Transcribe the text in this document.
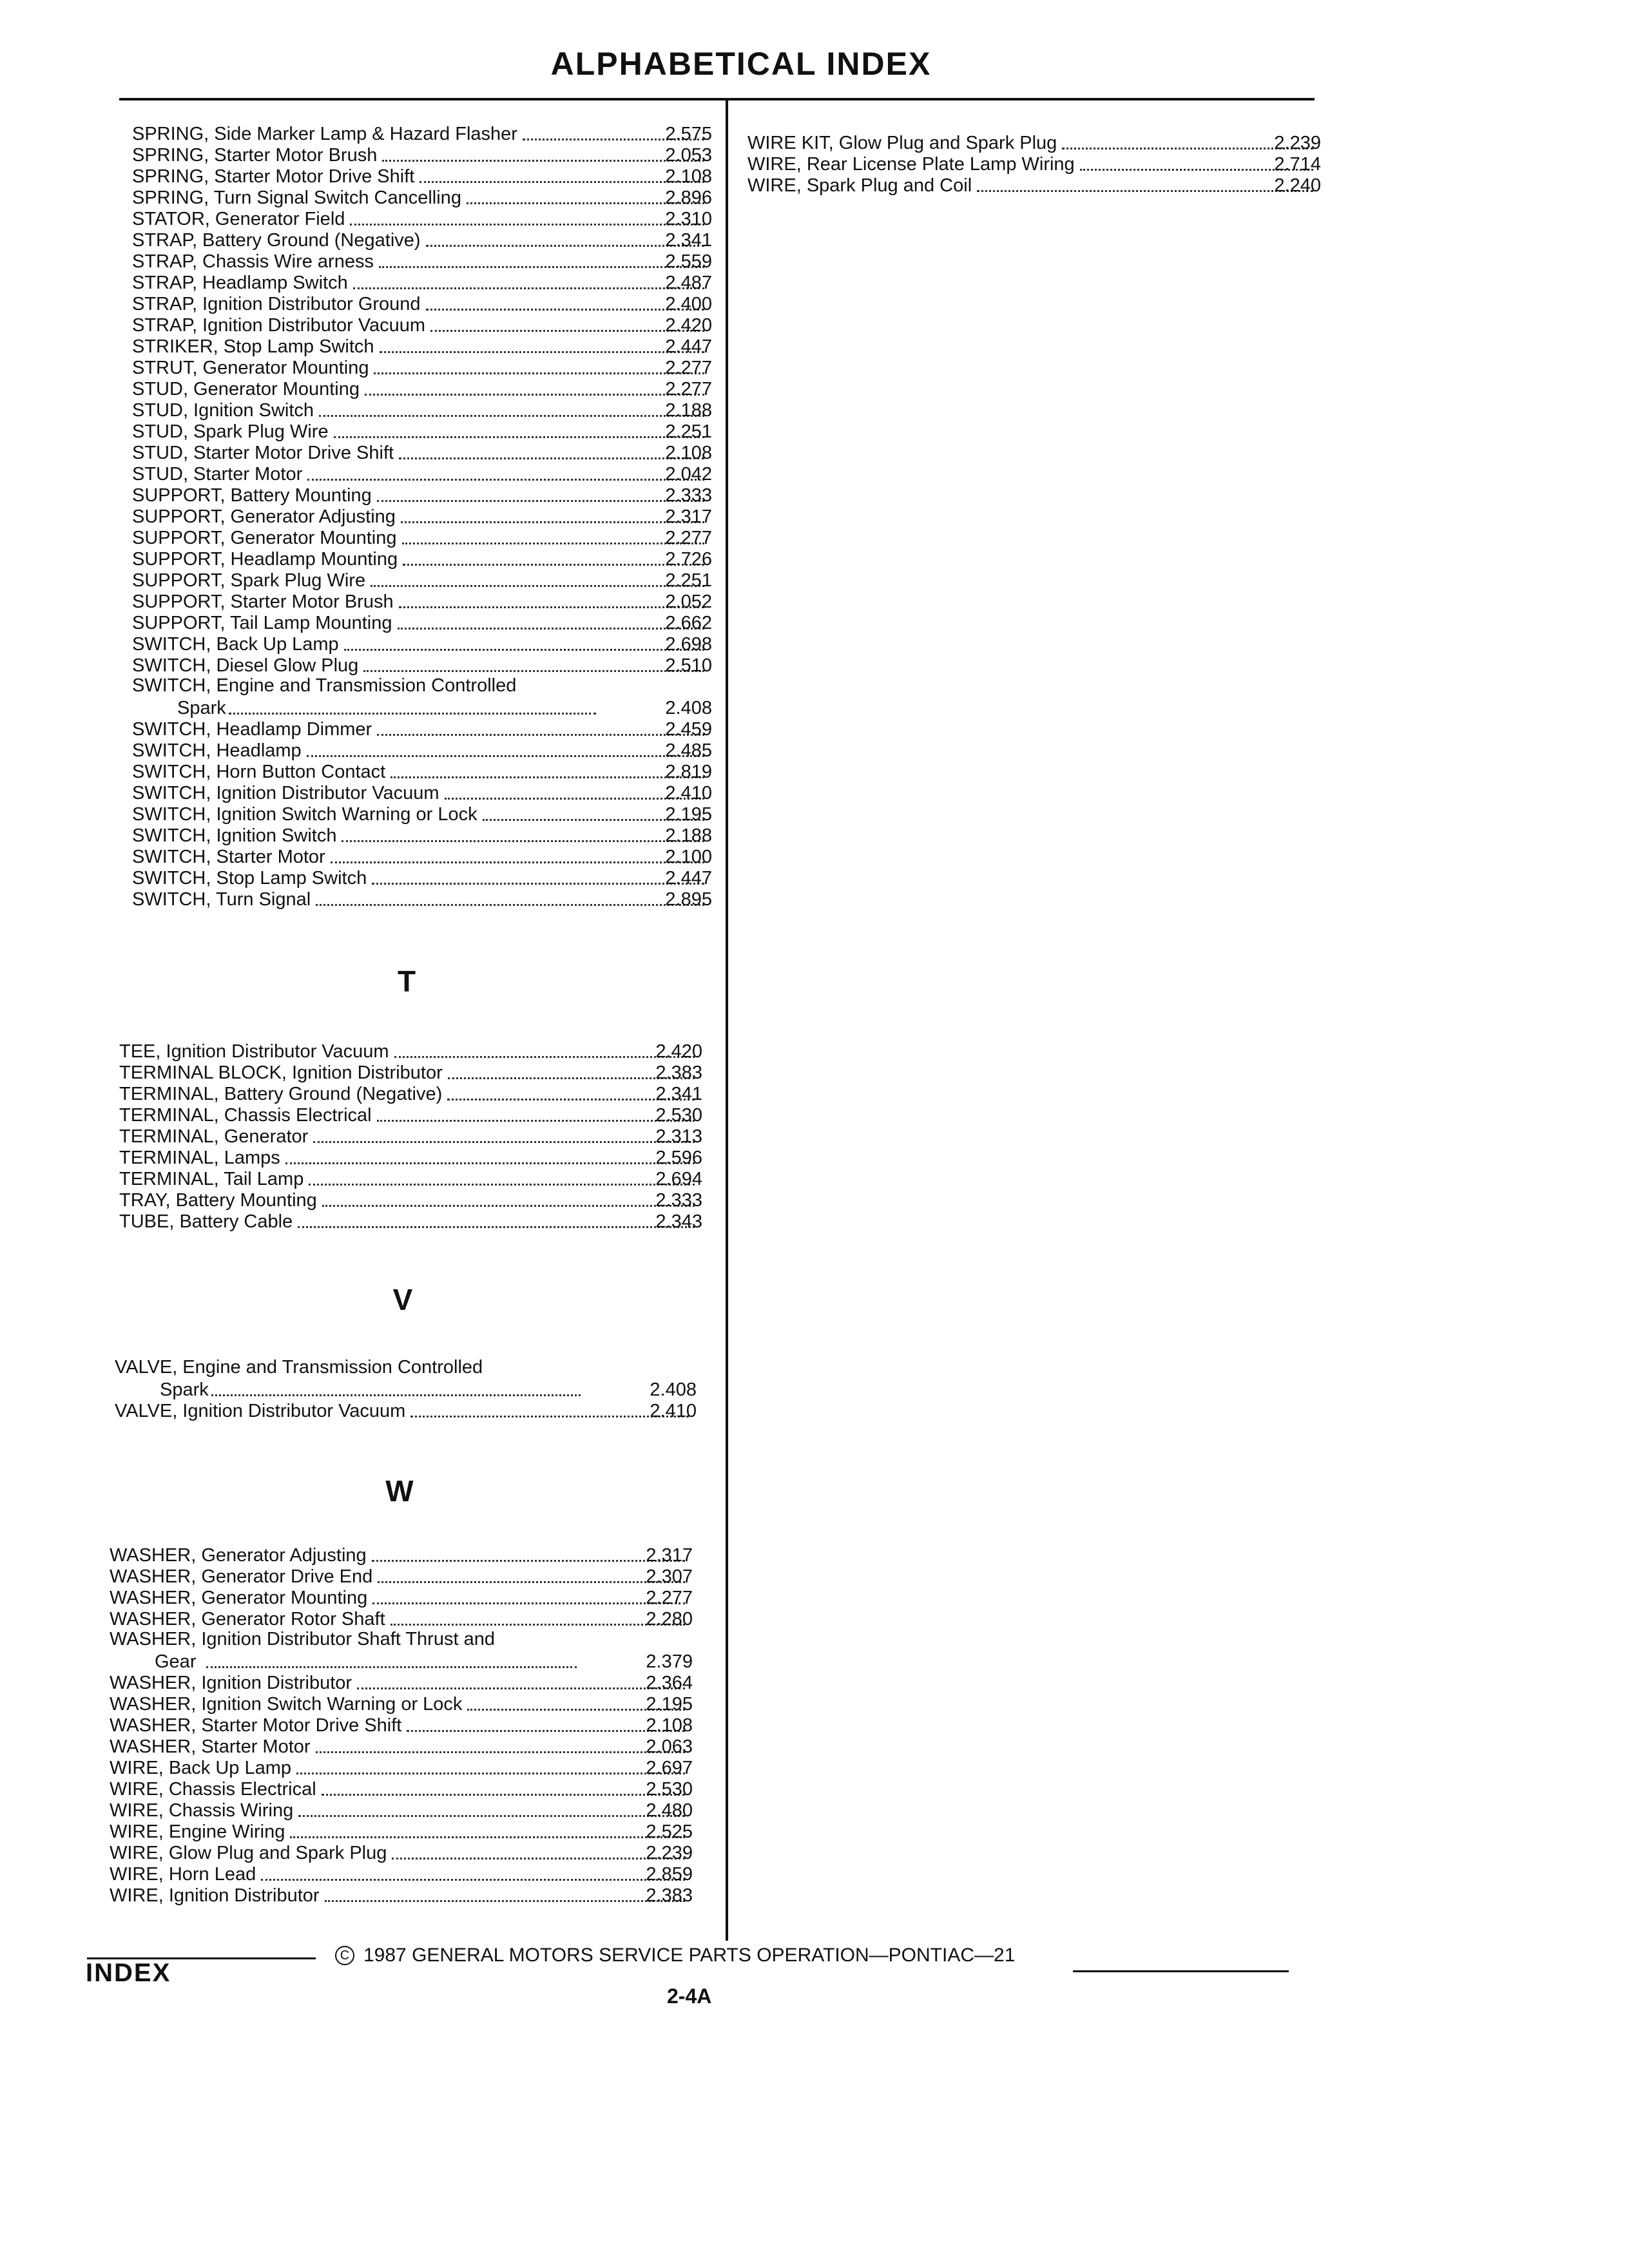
ALPHABETICAL INDEX
SPRING, Side Marker Lamp & Hazard Flasher	2.575
SPRING, Starter Motor Brush	2.053
SPRING, Starter Motor Drive Shift	2.108
SPRING, Turn Signal Switch Cancelling	2.896
STATOR, Generator Field	2.310
STRAP, Battery Ground (Negative)	2.341
STRAP, Chassis Wire arness	2.559
STRAP, Headlamp Switch	2.487
STRAP, Ignition Distributor Ground	2.400
STRAP, Ignition Distributor Vacuum	2.420
STRIKER, Stop Lamp Switch	2.447
STRUT, Generator Mounting	2.277
STUD, Generator Mounting	2.277
STUD, Ignition Switch	2.188
STUD, Spark Plug Wire	2.251
STUD, Starter Motor Drive Shift	2.108
STUD, Starter Motor	2.042
SUPPORT, Battery Mounting	2.333
SUPPORT, Generator Adjusting	2.317
SUPPORT, Generator Mounting	2.277
SUPPORT, Headlamp Mounting	2.726
SUPPORT, Spark Plug Wire	2.251
SUPPORT, Starter Motor Brush	2.052
SUPPORT, Tail Lamp Mounting	2.662
SWITCH, Back Up Lamp	2.698
SWITCH, Diesel Glow Plug	2.510
SWITCH, Engine and Transmission Controlled
Spark	2.408
SWITCH, Headlamp Dimmer	2.459
SWITCH, Headlamp	2.485
SWITCH, Horn Button Contact	2.819
SWITCH, Ignition Distributor Vacuum	2.410
SWITCH, Ignition Switch Warning or Lock	2.195
SWITCH, Ignition Switch	2.188
SWITCH, Starter Motor	2.100
SWITCH, Stop Lamp Switch	2.447
SWITCH, Turn Signal	2.895
T
TEE, Ignition Distributor Vacuum	2.420
TERMINAL BLOCK, Ignition Distributor	2.383
TERMINAL, Battery Ground (Negative)	2.341
TERMINAL, Chassis Electrical	2.530
TERMINAL, Generator	2.313
TERMINAL, Lamps	2.596
TERMINAL, Tail Lamp	2.694
TRAY, Battery Mounting	2.333
TUBE, Battery Cable	2.343
V
VALVE, Engine and Transmission Controlled
Spark	2.408
VALVE, Ignition Distributor Vacuum	2.410
W
WASHER, Generator Adjusting	2.317
WASHER, Generator Drive End	2.307
WASHER, Generator Mounting	2.277
WASHER, Generator Rotor Shaft	2.280
WASHER, Ignition Distributor Shaft Thrust and
Gear	2.379
WASHER, Ignition Distributor	2.364
WASHER, Ignition Switch Warning or Lock	2.195
WASHER, Starter Motor Drive Shift	2.108
WASHER, Starter Motor	2.063
WIRE, Back Up Lamp	2.697
WIRE, Chassis Electrical	2.530
WIRE, Chassis Wiring	2.480
WIRE, Engine Wiring	2.525
WIRE, Glow Plug and Spark Plug	2.239
WIRE, Horn Lead	2.859
WIRE, Ignition Distributor	2.383
WIRE KIT, Glow Plug and Spark Plug	2.239
WIRE, Rear License Plate Lamp Wiring	2.714
WIRE, Spark Plug and Coil	2.240
INDEX
C 1987 GENERAL MOTORS SERVICE PARTS OPERATION—PONTIAC—21
2-4A
